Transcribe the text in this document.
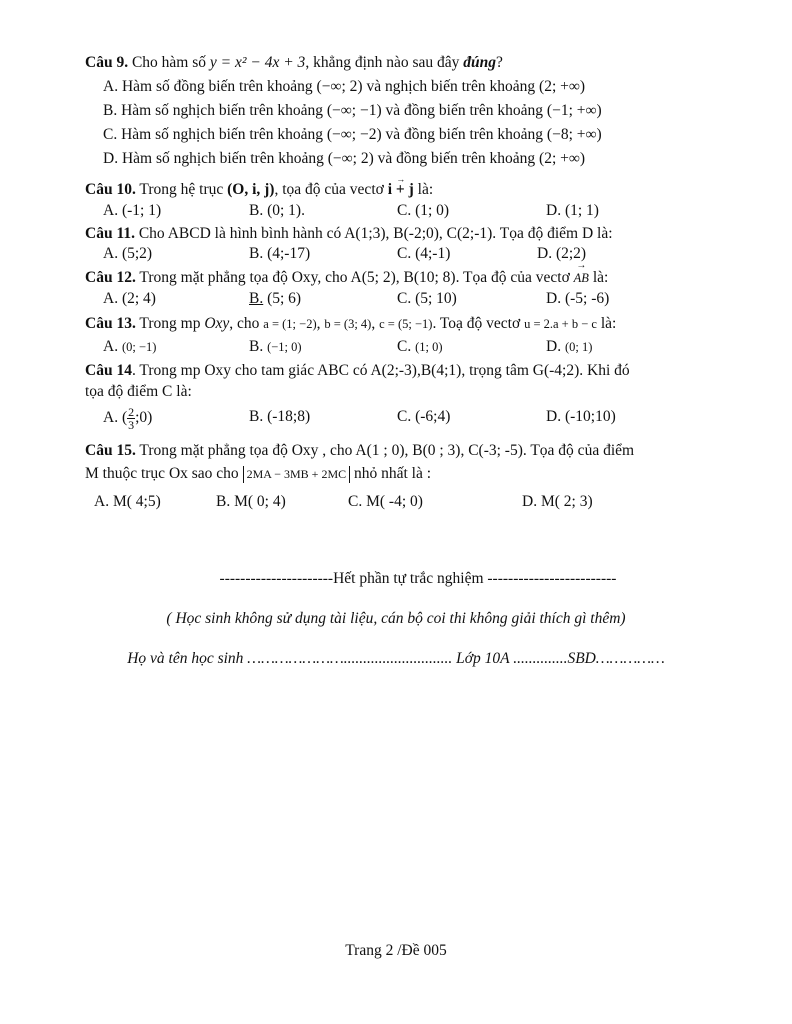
Câu 9. Cho hàm số y = x² − 4x + 3, khẳng định nào sau đây đúng?
A. Hàm số đồng biến trên khoảng (−∞; 2) và nghịch biến trên khoảng (2; +∞)
B. Hàm số nghịch biến trên khoảng (−∞; −1) và đồng biến trên khoảng (−1; +∞)
C. Hàm số nghịch biến trên khoảng (−∞; −2) và đồng biến trên khoảng (−8; +∞)
D. Hàm số nghịch biến trên khoảng (−∞; 2) và đồng biến trên khoảng (2; +∞)
Câu 10. Trong hệ trục (O, i, j), tọa độ của vectơ → i + j là:
A. (-1; 1)	B. (0; 1).	C. (1; 0)	D. (1; 1)
Câu 11. Cho ABCD là hình bình hành có A(1;3), B(-2;0), C(2;-1). Tọa độ điểm D là:
A. (5;2)	B. (4;-17)	C. (4;-1)	D. (2;2)
Câu 12. Trong mặt phẳng tọa độ Oxy, cho A(5; 2), B(10; 8). Tọa độ của vectơ → AB là:
A. (2; 4)	B. (5; 6)	C. (5; 10)	D. (-5; -6)
Câu 13. Trong mp Oxy, cho a = (1; −2), b = (3; 4), c = (5; −1). Toạ độ vectơ u = 2.a + b − c là:
A. (0; −1)	B. (−1; 0)	C. (1; 0)	D. (0; 1)
Câu 14. Trong mp Oxy cho tam giác ABC có A(2;-3),B(4;1), trọng tâm G(-4;2). Khi đó
tọa độ điểm C là:
A. ( $\frac{2}{3}$ ;0)	B. (-18;8)	C. (-6;4)	D. (-10;10)
Câu 15. Trong mặt phẳng tọa độ Oxy , cho A(1 ; 0), B(0 ; 3), C(-3; -5). Tọa độ của điểm
M thuộc trục Ox sao cho 2MA − 3MB + 2MC nhỏ nhất là :
A. M( 4;5)	B. M( 0; 4)	C. M( -4; 0)	D. M( 2; 3)
----------------------Hết phần tự trắc nghiệm -------------------------
( Học sinh không sử dụng tài liệu, cán bộ coi thi không giải thích gì thêm)
Họ và tên học sinh …………………............................ Lớp 10A ..............SBD……………
Trang 2 /Đề 005
